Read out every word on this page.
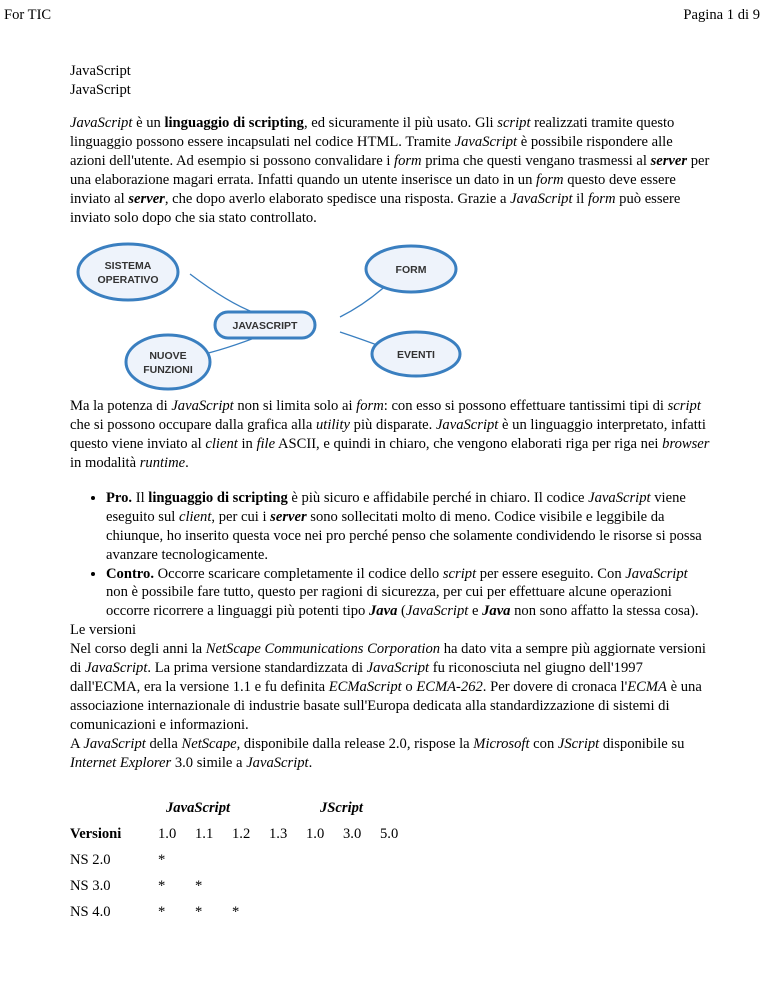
For TIC	Pagina 1 di 9
JavaScript
JavaScript

JavaScript è un linguaggio di scripting, ed sicuramente il più usato. Gli script realizzati tramite questo linguaggio possono essere incapsulati nel codice HTML. Tramite JavaScript è possibile rispondere alle azioni dell'utente. Ad esempio si possono convalidare i form prima che questi vengano trasmessi al server per una elaborazione magari errata. Infatti quando un utente inserisce un dato in un form questo deve essere inviato al server, che dopo averlo elaborato spedisce una risposta. Grazie a JavaScript il form può essere inviato solo dopo che sia stato controllato.

SISTEMA
OPERATIVO
FORM
JAVASCRIPT
NUOVE
FUNZIONI
EVENTI

Ma la potenza di JavaScript non si limita solo ai form: con esso si possono effettuare tantissimi tipi di script che si possono occupare dalla grafica alla utility più disparate. JavaScript è un linguaggio interpretato, infatti questo viene inviato al client in file ASCII, e quindi in chiaro, che vengono elaborati riga per riga nei browser in modalità runtime.

• Pro. Il linguaggio di scripting è più sicuro e affidabile perché in chiaro. Il codice JavaScript viene eseguito sul client, per cui i server sono sollecitati molto di meno. Codice visibile e leggibile da chiunque, ho inserito questa voce nei pro perché penso che solamente condividendo le risorse si possa avanzare tecnologicamente.
• Contro. Occorre scaricare completamente il codice dello script per essere eseguito. Con JavaScript non è possibile fare tutto, questo per ragioni di sicurezza, per cui per effettuare alcune operazioni occorre ricorrere a linguaggi più potenti tipo Java (JavaScript e Java non sono affatto la stessa cosa).

Le versioni

Nel corso degli anni la NetScape Communications Corporation ha dato vita a sempre più aggiornate versioni di JavaScript. La prima versione standardizzata di JavaScript fu riconosciuta nel giugno dell'1997 dall'ECMA, era la versione 1.1 e fu definita ECMaScript o ECMA-262. Per dovere di cronaca l'ECMA è una associazione internazionale di industrie basate sull'Europa dedicata alla standardizzazione di sistemi di comunicazioni e informazioni.

A JavaScript della NetScape, disponibile dalla release 2.0, rispose la Microsoft con JScript disponibile su Internet Explorer 3.0 simile a JavaScript.

	JavaScript				JScript		
Versioni	1.0	1.1	1.2	1.3	1.0	3.0	5.0
NS 2.0	*						
NS 3.0	*	*					
NS 4.0	*	*	*				
